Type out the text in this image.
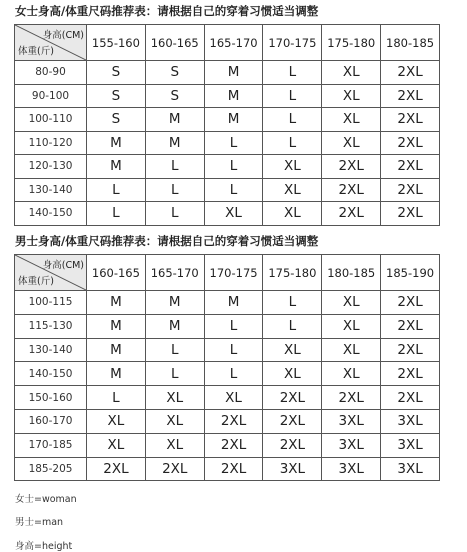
女士身高/体重尺码推荐表：请根据自己的穿着习惯适当调整
身高(CM)
体重(斤)	155-160	160-165	165-170	170-175	175-180	180-185
80-90	S	S	M	L	XL	2XL
90-100	S	S	M	L	XL	2XL
100-110	S	M	M	L	XL	2XL
110-120	M	M	L	L	XL	2XL
120-130	M	L	L	XL	2XL	2XL
130-140	L	L	L	XL	2XL	2XL
140-150	L	L	XL	XL	2XL	2XL
男士身高/体重尺码推荐表：请根据自己的穿着习惯适当调整
身高(CM)
体重(斤)	160-165	165-170	170-175	175-180	180-185	185-190
100-115	M	M	M	L	XL	2XL
115-130	M	M	L	L	XL	2XL
130-140	M	L	L	XL	XL	2XL
140-150	M	L	L	XL	XL	2XL
150-160	L	XL	XL	2XL	2XL	2XL
160-170	XL	XL	2XL	2XL	3XL	3XL
170-185	XL	XL	2XL	2XL	3XL	3XL
185-205	2XL	2XL	2XL	3XL	3XL	3XL
女士=woman
男士=man
身高=height
